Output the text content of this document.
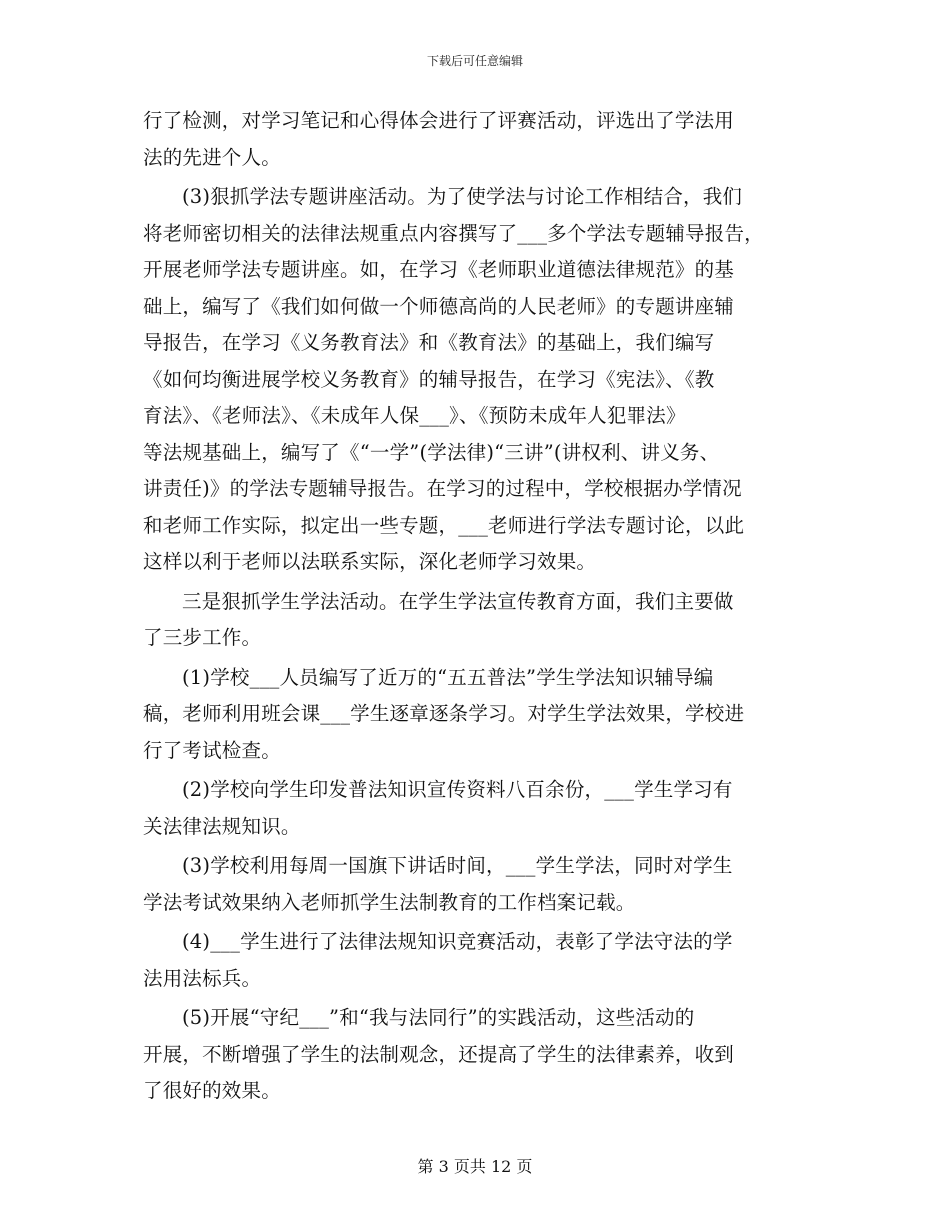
下载后可任意编辑

行了检测，对学习笔记和心得体会进行了评赛活动，评选出了学法用
法的先进个人。

(3)狠抓学法专题讲座活动。为了使学法与讨论工作相结合，我们
将老师密切相关的法律法规重点内容撰写了___多个学法专题辅导报告，
开展老师学法专题讲座。如，在学习《老师职业道德法律规范》的基
础上，编写了《我们如何做一个师德高尚的人民老师》的专题讲座辅
导报告，在学习《义务教育法》和《教育法》的基础上，我们编写
《如何均衡进展学校义务教育》的辅导报告，在学习《宪法》、《教
育法》、《老师法》、《未成年人保___》、《预防未成年人犯罪法》
等法规基础上，编写了《“一学”(学法律)“三讲”(讲权利、讲义务、
讲责任)》的学法专题辅导报告。在学习的过程中，学校根据办学情况
和老师工作实际，拟定出一些专题，___老师进行学法专题讨论，以此
这样以利于老师以法联系实际，深化老师学习效果。

三是狠抓学生学法活动。在学生学法宣传教育方面，我们主要做
了三步工作。

(1)学校___人员编写了近万的“五五普法”学生学法知识辅导编
稿，老师利用班会课___学生逐章逐条学习。对学生学法效果，学校进
行了考试检查。

(2)学校向学生印发普法知识宣传资料八百余份，___学生学习有
关法律法规知识。

(3)学校利用每周一国旗下讲话时间，___学生学法，同时对学生
学法考试效果纳入老师抓学生法制教育的工作档案记载。

(4)___学生进行了法律法规知识竞赛活动，表彰了学法守法的学
法用法标兵。

(5)开展“守纪___”和“我与法同行”的实践活动，这些活动的
开展，不断增强了学生的法制观念，还提高了学生的法律素养，收到
了很好的效果。

第 3 页共 12 页
